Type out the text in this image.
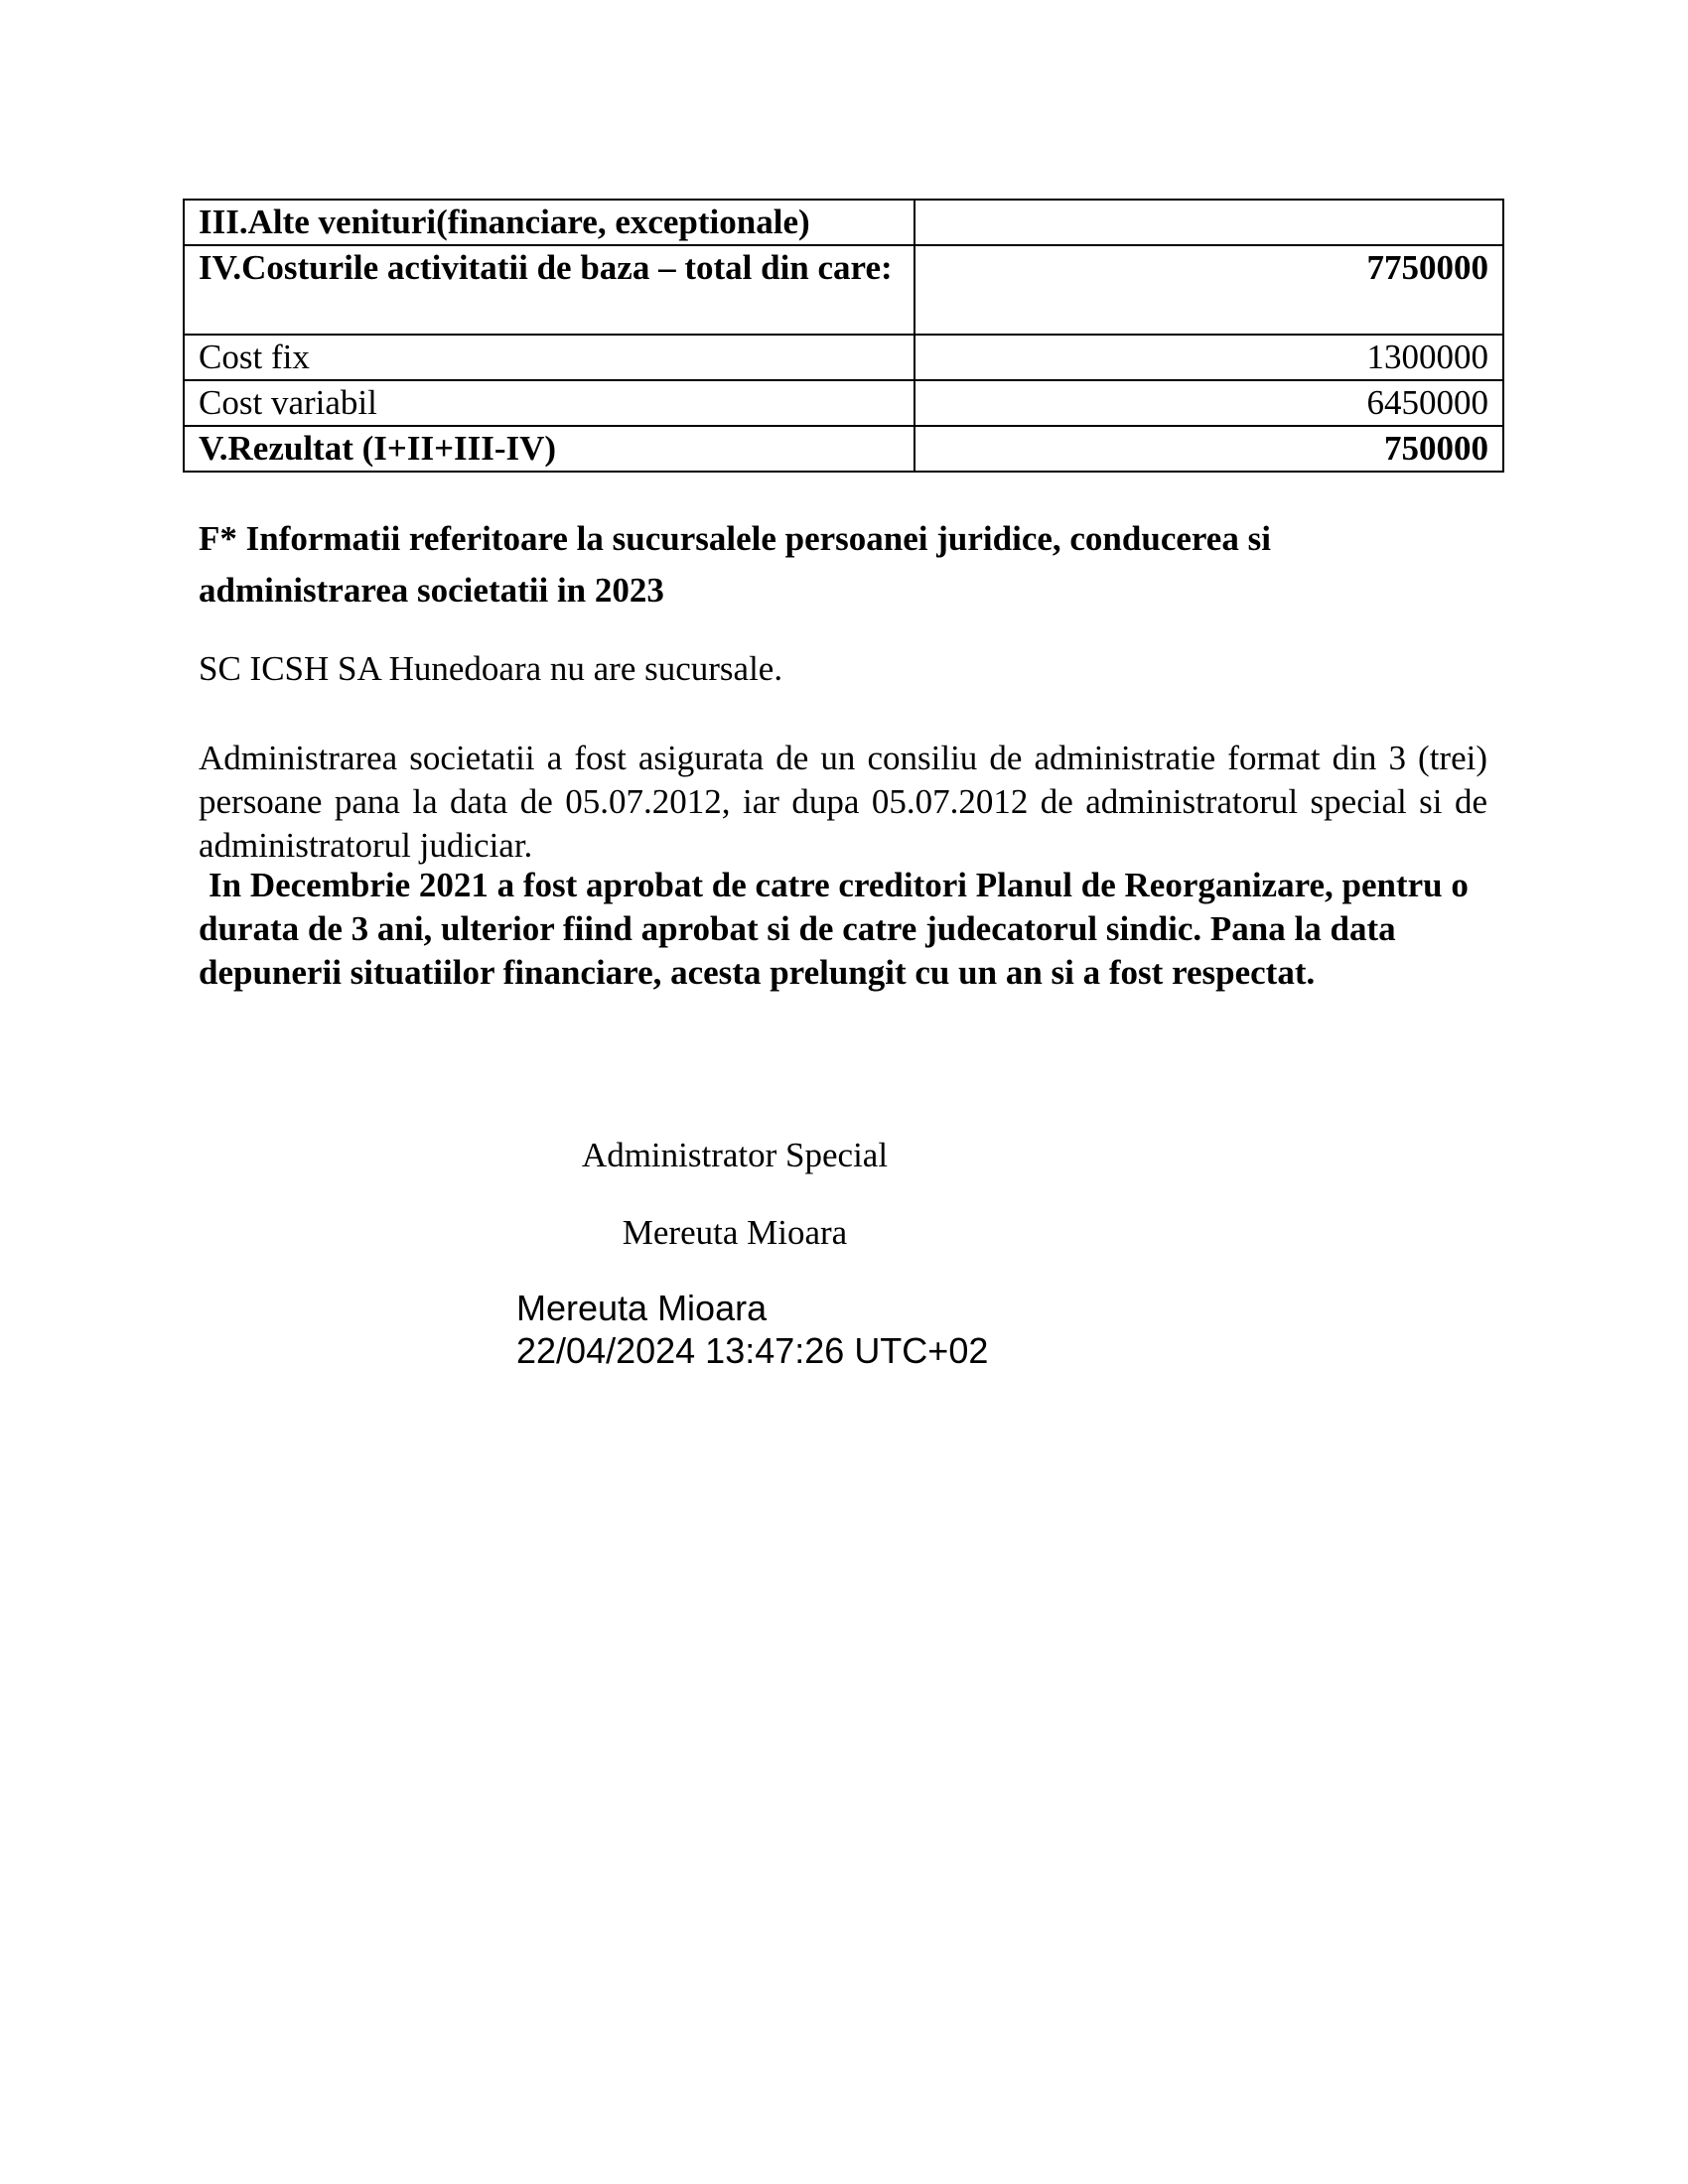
III.Alte venituri(financiare, exceptionale)	
IV.Costurile activitatii de baza – total din care:	7750000
Cost fix	1300000
Cost variabil	6450000
V.Rezultat (I+II+III-IV)	750000
F* Informatii referitoare la sucursalele persoanei juridice, conducerea si administrarea societatii in 2023
SC ICSH SA Hunedoara nu are sucursale.
Administrarea societatii a fost asigurata de un consiliu de administratie format din 3 (trei) persoane pana la data de 05.07.2012, iar dupa 05.07.2012 de administratorul special si de administratorul judiciar.
In Decembrie 2021 a fost aprobat de catre creditori Planul de Reorganizare, pentru o durata de 3 ani, ulterior fiind aprobat si de catre judecatorul sindic. Pana la data depunerii situatiilor financiare, acesta prelungit cu un an si a fost respectat.
Administrator Special
Mereuta Mioara
Mereuta Mioara
22/04/2024 13:47:26 UTC+02
